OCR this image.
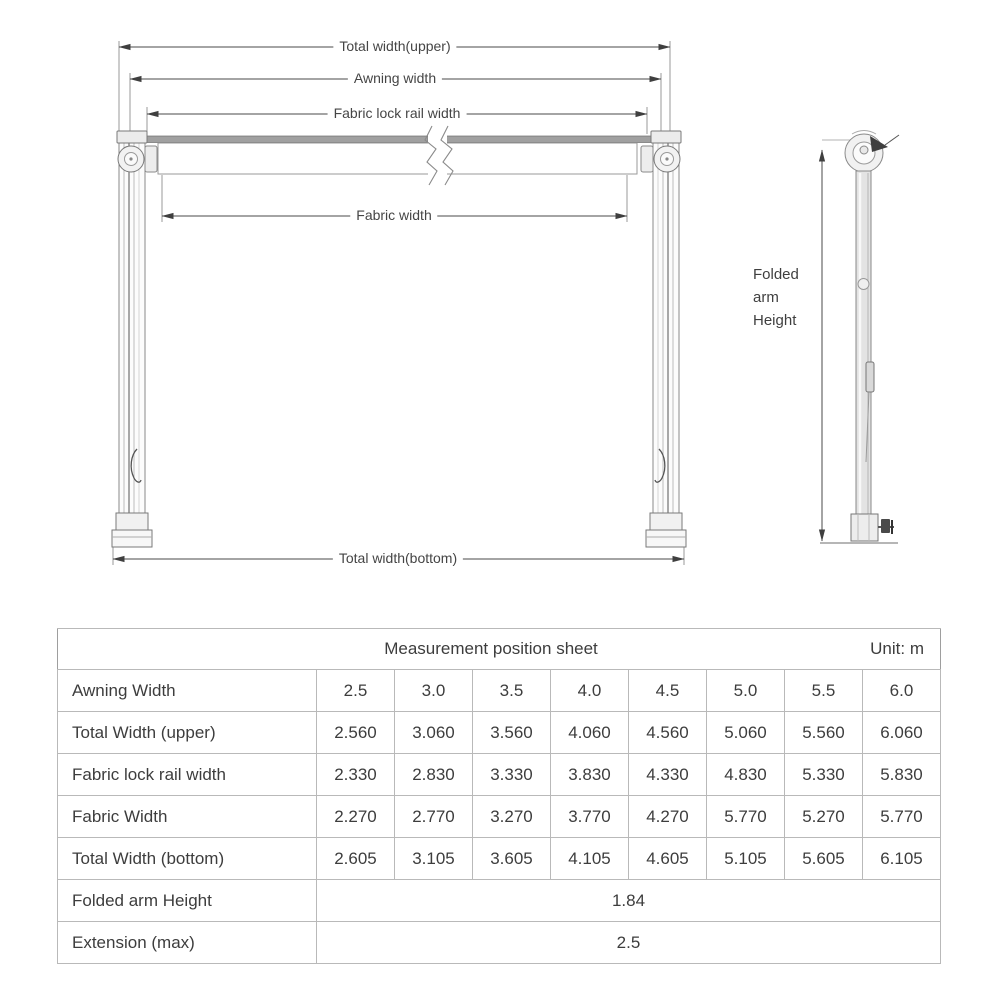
Total width(upper)
Awning width
Fabric lock rail width
Fabric width
Total width(bottom)
Folded
arm
Height
Measurement position sheet Unit: m								

Awning Width	2.5	3.0	3.5	4.0	4.5	5.0	5.5	6.0
Total Width (upper)	2.560	3.060	3.560	4.060	4.560	5.060	5.560	6.060
Fabric lock rail width	2.330	2.830	3.330	3.830	4.330	4.830	5.330	5.830
Fabric Width	2.270	2.770	3.270	3.770	4.270	5.770	5.270	5.770
Total Width (bottom)	2.605	3.105	3.605	4.105	4.605	5.105	5.605	6.105
Folded arm Height	1.84							
Extension (max)	2.5							
